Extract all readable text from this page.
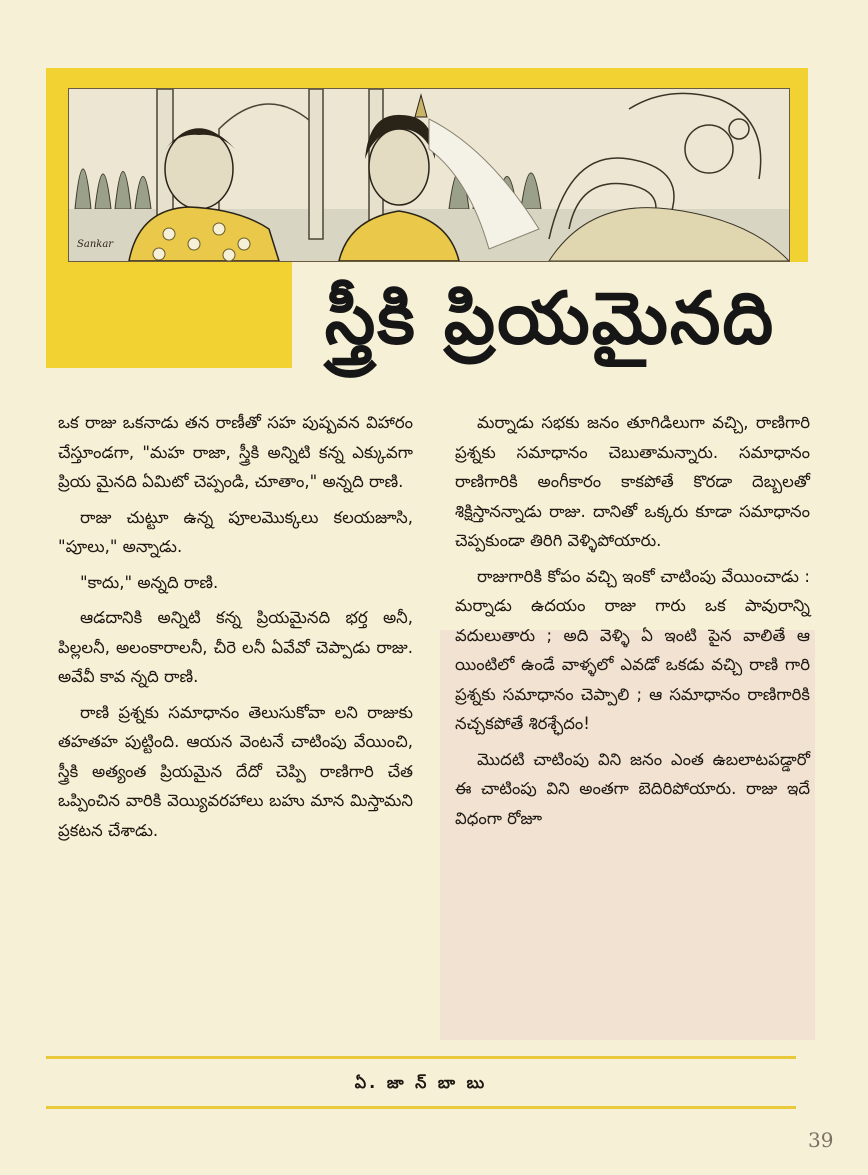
Sankar
స్త్రీకి ప్రియమైనది

ఒక రాజు ఒకనాడు తన రాణీతో సహ పుష్పవన విహారం చేస్తూండగా, "మహ రాజా, స్త్రీకి అన్నిటి కన్న ఎక్కువగా ప్రియ మైనది ఏమిటో చెప్పండి, చూతాం," అన్నది రాణి.

రాజు చుట్టూ ఉన్న పూలమొక్కలు కలయజూసి, "పూలు," అన్నాడు.

"కాదు," అన్నది రాణి.

ఆడదానికి అన్నిటి కన్న ప్రియమైనది భర్త అనీ, పిల్లలనీ, అలంకారాలనీ, చీరె లనీ ఏవేవో చెప్పాడు రాజు. అవేవీ కావ న్నది రాణి.

రాణి ప్రశ్నకు సమాధానం తెలుసుకోవా లని రాజుకు తహతహ పుట్టింది. ఆయన వెంటనే చాటింపు వేయించి, స్త్రీకి అత్యంత ప్రియమైన దేదో చెప్పి రాణిగారి చేత ఒప్పించిన వారికి వెయ్యివరహాలు బహు మాన మిస్తామని ప్రకటన చేశాడు.

మర్నాడు సభకు జనం తూగిడిలుగా వచ్చి, రాణిగారి ప్రశ్నకు సమాధానం చెబుతామన్నారు. సమాధానం రాణిగారికి అంగీకారం కాకపోతే కొరడా దెబ్బలతో శిక్షిస్తానన్నాడు రాజు. దానితో ఒక్కరు కూడా సమాధానం చెప్పకుండా తిరిగి వెళ్ళిపోయారు.

రాజుగారికి కోపం వచ్చి ఇంకో చాటింపు వేయించాడు : మర్నాడు ఉదయం రాజు గారు ఒక పావురాన్ని వదులుతారు ; అది వెళ్ళి ఏ ఇంటి పైన వాలితే ఆ యింటిలో ఉండే వాళ్ళలో ఎవడో ఒకడు వచ్చి రాణి గారి ప్రశ్నకు సమాధానం చెప్పాలి ; ఆ సమాధానం రాణిగారికి నచ్చకపోతే శిరశ్ఛేదం!

మొదటి చాటింపు విని జనం ఎంత ఉబలాటపడ్డారో ఈ చాటింపు విని అంతగా బెదిరిపోయారు. రాజు ఇదే విధంగా రోజూ

ఏ. జా న్ బా బు
39
